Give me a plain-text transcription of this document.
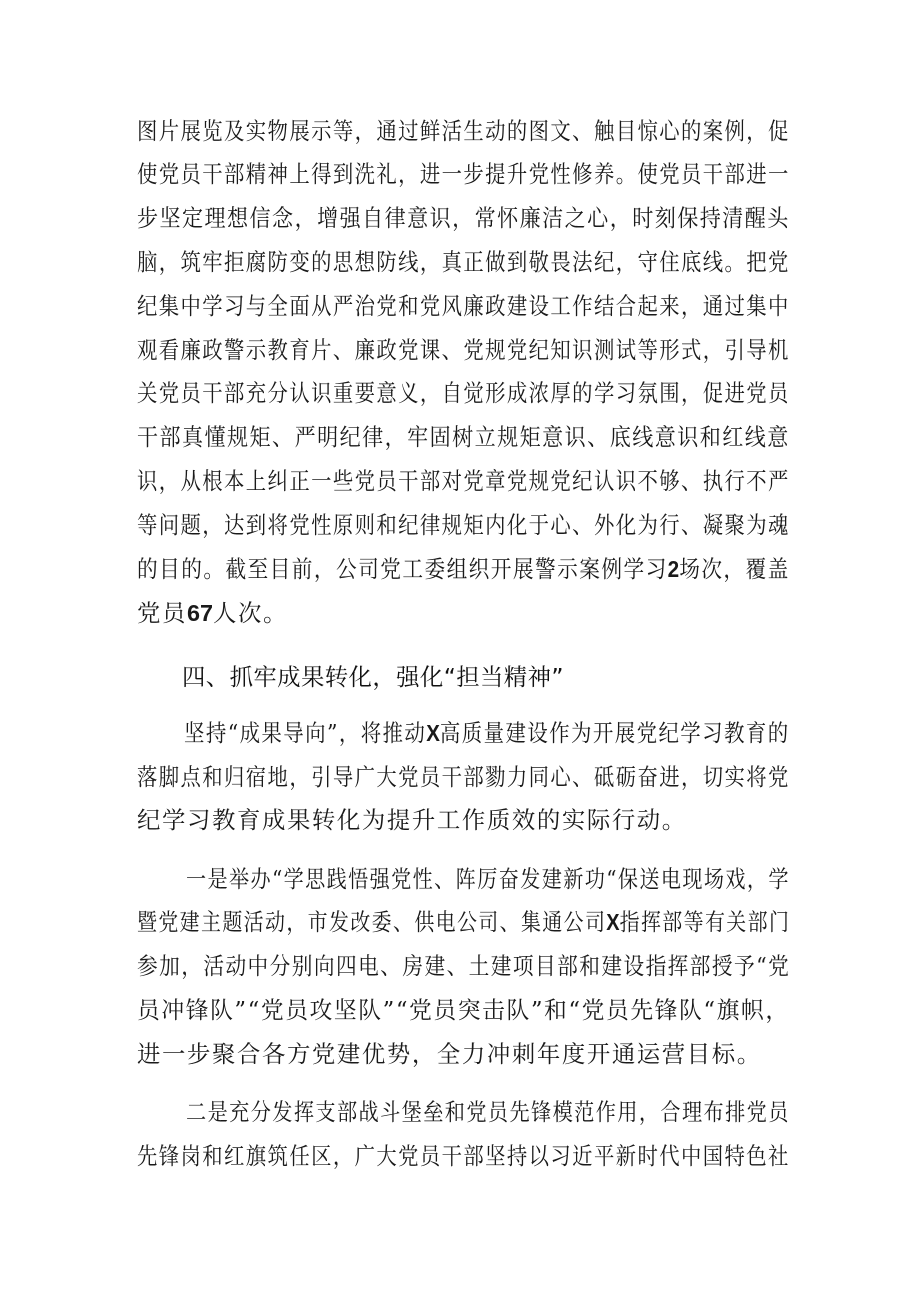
图片展览及实物展示等，通过鲜活生动的图文、触目惊心的案例，促
使党员干部精神上得到洗礼，进一步提升党性修养。使党员干部进一
步坚定理想信念，增强自律意识，常怀廉洁之心，时刻保持清醒头
脑，筑牢拒腐防变的思想防线，真正做到敬畏法纪，守住底线。把党
纪集中学习与全面从严治党和党风廉政建设工作结合起来，通过集中
观看廉政警示教育片、廉政党课、党规党纪知识测试等形式，引导机
关党员干部充分认识重要意义，自觉形成浓厚的学习氛围，促进党员
干部真懂规矩、严明纪律，牢固树立规矩意识、底线意识和红线意
识，从根本上纠正一些党员干部对党章党规党纪认识不够、执行不严
等问题，达到将党性原则和纪律规矩内化于心、外化为行、凝聚为魂
的目的。截至目前，公司党工委组织开展警示案例学习2场次，覆盖
党员67人次。
四、抓牢成果转化，强化“担当精神”
坚持“成果导向”，将推动X高质量建设作为开展党纪学习教育的
落脚点和归宿地，引导广大党员干部勠力同心、砥砺奋进，切实将党
纪学习教育成果转化为提升工作质效的实际行动。
一是举办“学思践悟强党性、阵厉奋发建新功“保送电现场戏，学
暨党建主题活动，市发改委、供电公司、集通公司X指挥部等有关部门
参加，活动中分别向四电、房建、土建项目部和建设指挥部授予“党
员冲锋队”“党员攻坚队”“党员突击队”和“党员先锋队“旗帜，
进一步聚合各方党建优势，全力冲刺年度开通运营目标。
二是充分发挥支部战斗堡垒和党员先锋模范作用，合理布排党员
先锋岗和红旗筑任区，广大党员干部坚持以习近平新时代中国特色社
